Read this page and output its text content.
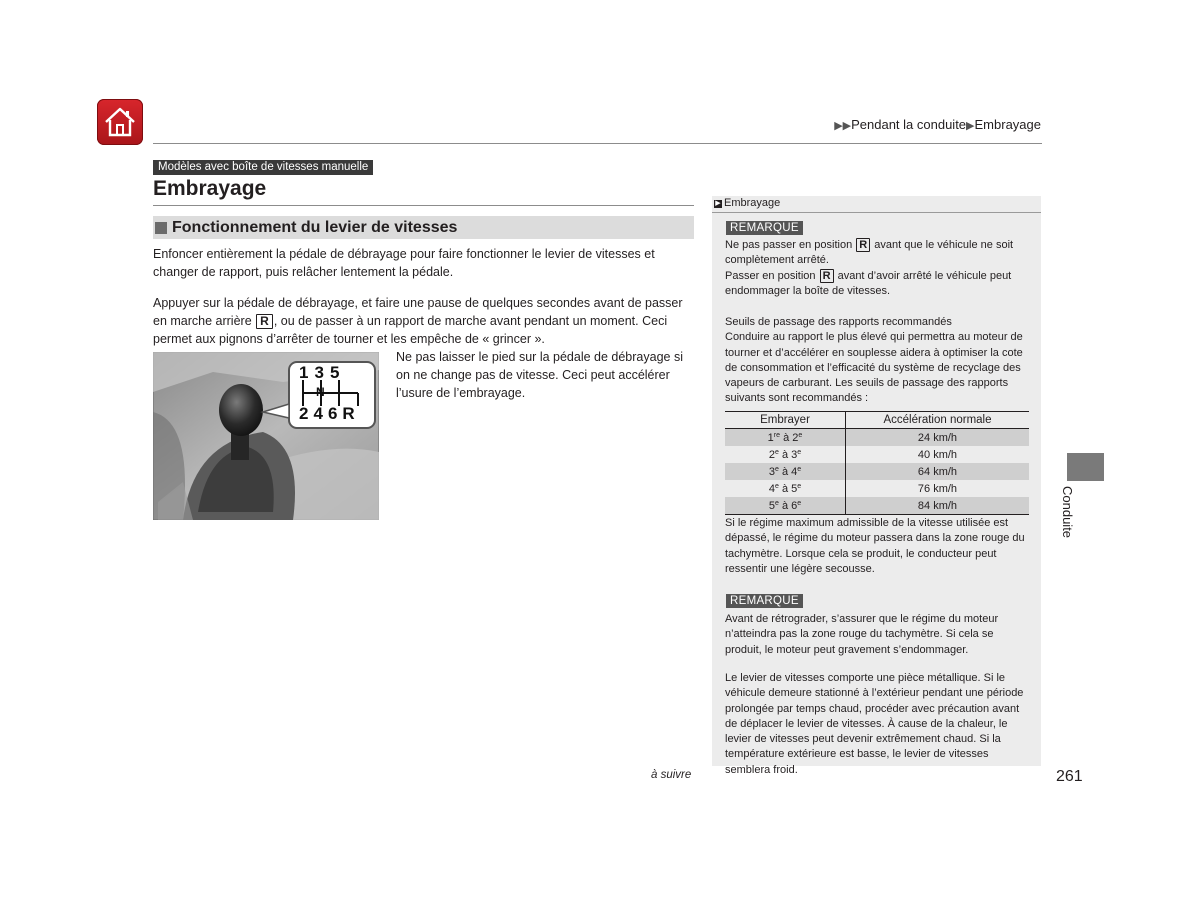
▶▶Pendant la conduite▶Embrayage
Modèles avec boîte de vitesses manuelle
Embrayage
Fonctionnement du levier de vitesses
Enfoncer entièrement la pédale de débrayage pour faire fonctionner le levier de vitesses et changer de rapport, puis relâcher lentement la pédale.
Appuyer sur la pédale de débrayage, et faire une pause de quelques secondes avant de passer en marche arrière R , ou de passer à un rapport de marche avant pendant un moment. Ceci permet aux pignons d’arrêter de tourner et les empêche de « grincer ».
Ne pas laisser le pied sur la pédale de débrayage si on ne change pas de vitesse. Ceci peut accélérer l’usure de l’embrayage.
135
N
246R
▶ Embrayage
REMARQUE
Ne pas passer en position R avant que le véhicule ne soit complètement arrêté.
Passer en position R avant d’avoir arrêté le véhicule peut endommager la boîte de vitesses.
Seuils de passage des rapports recommandés
Conduire au rapport le plus élevé qui permettra au moteur de tourner et d’accélérer en souplesse aidera à optimiser la cote de consommation et l’efficacité du système de recyclage des vapeurs de carburant. Les seuils de passage des rapports suivants sont recommandés :
Embrayer	Accélération normale
1re à 2e	24 km/h
2e à 3e	40 km/h
3e à 4e	64 km/h
4e à 5e	76 km/h
5e à 6e	84 km/h
Si le régime maximum admissible de la vitesse utilisée est dépassé, le régime du moteur passera dans la zone rouge du tachymètre. Lorsque cela se produit, le conducteur peut ressentir une légère secousse.
REMARQUE
Avant de rétrograder, s’assurer que le régime du moteur n’atteindra pas la zone rouge du tachymètre. Si cela se produit, le moteur peut gravement s’endommager.
Le levier de vitesses comporte une pièce métallique. Si le véhicule demeure stationné à l’extérieur pendant une période prolongée par temps chaud, procéder avec précaution avant de déplacer le levier de vitesses. À cause de la chaleur, le levier de vitesses peut devenir extrêmement chaud. Si la température extérieure est basse, le levier de vitesses semblera froid.
Conduite
à suivre	261
